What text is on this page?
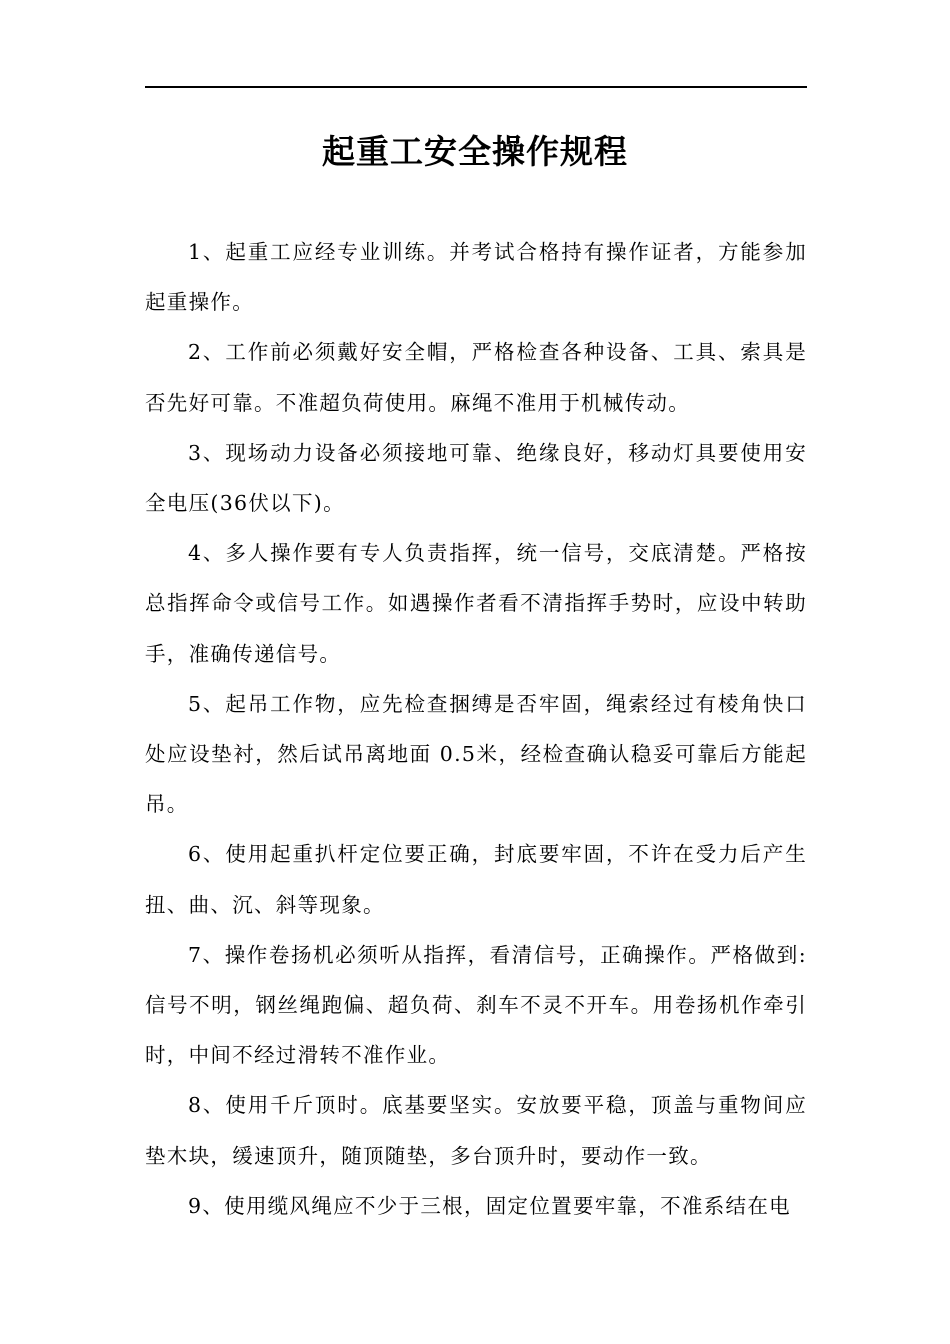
起重工安全操作规程

1、起重工应经专业训练。并考试合格持有操作证者，方能参加起重操作。

2、工作前必须戴好安全帽，严格检查各种设备、工具、索具是否先好可靠。不准超负荷使用。麻绳不准用于机械传动。

3、现场动力设备必须接地可靠、绝缘良好，移动灯具要使用安全电压(36伏以下)。

4、多人操作要有专人负责指挥，统一信号，交底清楚。严格按总指挥命令或信号工作。如遇操作者看不清指挥手势时，应设中转助手，准确传递信号。

5、起吊工作物，应先检查捆缚是否牢固，绳索经过有棱角快口处应设垫衬，然后试吊离地面 0.5米，经检查确认稳妥可靠后方能起吊。

6、使用起重扒杆定位要正确，封底要牢固，不许在受力后产生扭、曲、沉、斜等现象。

7、操作卷扬机必须听从指挥，看清信号，正确操作。严格做到:信号不明，钢丝绳跑偏、超负荷、刹车不灵不开车。用卷扬机作牵引时，中间不经过滑转不准作业。

8、使用千斤顶时。底基要坚实。安放要平稳，顶盖与重物间应垫木块，缓速顶升，随顶随垫，多台顶升时，要动作一致。

9、使用缆风绳应不少于三根，固定位置要牢靠，不准系结在电
